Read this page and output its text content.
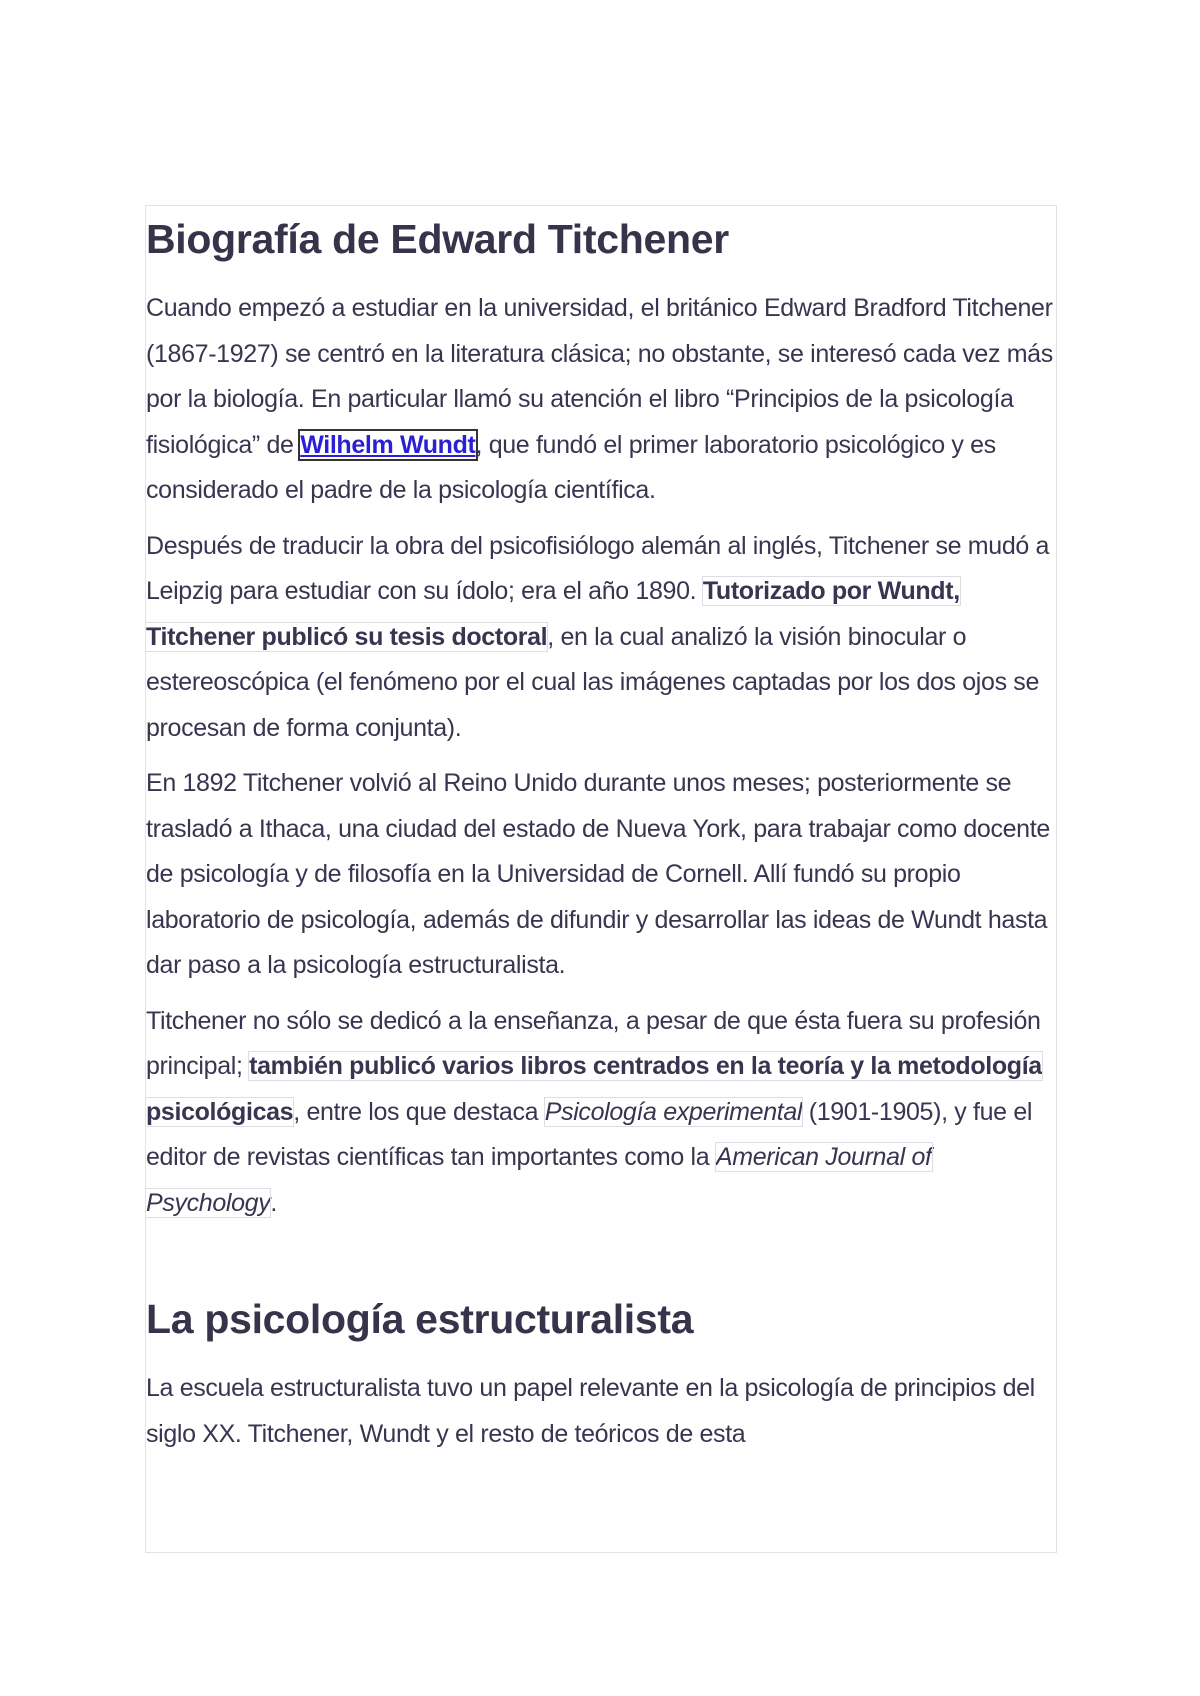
Biografía de Edward Titchener

Cuando empezó a estudiar en la universidad, el británico Edward Bradford Titchener (1867-1927) se centró en la literatura clásica; no obstante, se interesó cada vez más por la biología. En particular llamó su atención el libro “Principios de la psicología fisiológica” de Wilhelm Wundt, que fundó el primer laboratorio psicológico y es considerado el padre de la psicología científica.

Después de traducir la obra del psicofisiólogo alemán al inglés, Titchener se mudó a Leipzig para estudiar con su ídolo; era el año 1890. Tutorizado por Wundt, Titchener publicó su tesis doctoral, en la cual analizó la visión binocular o estereoscópica (el fenómeno por el cual las imágenes captadas por los dos ojos se procesan de forma conjunta).

En 1892 Titchener volvió al Reino Unido durante unos meses; posteriormente se trasladó a Ithaca, una ciudad del estado de Nueva York, para trabajar como docente de psicología y de filosofía en la Universidad de Cornell. Allí fundó su propio laboratorio de psicología, además de difundir y desarrollar las ideas de Wundt hasta dar paso a la psicología estructuralista.

Titchener no sólo se dedicó a la enseñanza, a pesar de que ésta fuera su profesión principal; también publicó varios libros centrados en la teoría y la metodología psicológicas, entre los que destaca Psicología experimental (1901-1905), y fue el editor de revistas científicas tan importantes como la American Journal of Psychology.

La psicología estructuralista

La escuela estructuralista tuvo un papel relevante en la psicología de principios del siglo XX. Titchener, Wundt y el resto de teóricos de esta
